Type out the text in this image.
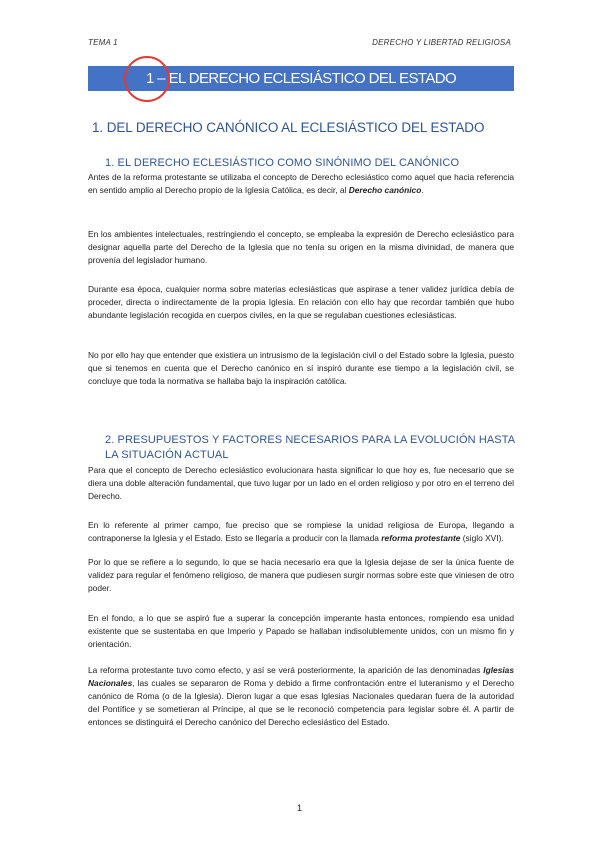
TEMA 1	DERECHO Y LIBERTAD RELIGIOSA
1 – EL DERECHO ECLESIÁSTICO DEL ESTADO
1. DEL DERECHO CANÓNICO AL ECLESIÁSTICO DEL ESTADO
1. EL DERECHO ECLESIÁSTICO COMO SINÓNIMO DEL CANÓNICO
Antes de la reforma protestante se utilizaba el concepto de Derecho eclesiástico como aquel que hacia referencia en sentido amplio al Derecho propio de la Iglesia Católica, es decir, al Derecho canónico.
En los ambientes intelectuales, restringiendo el concepto, se empleaba la expresión de Derecho eclesiástico para designar aquella parte del Derecho de la Iglesia que no tenía su origen en la misma divinidad, de manera que provenía del legislador humano.
Durante esa época, cualquier norma sobre materias eclesiásticas que aspirase a tener validez jurídica debía de proceder, directa o indirectamente de la propia Iglesia. En relación con ello hay que recordar también que hubo abundante legislación recogida en cuerpos civiles, en la que se regulaban cuestiones eclesiásticas.
No por ello hay que entender que existiera un intrusismo de la legislación civil o del Estado sobre la Iglesia, puesto que si tenemos en cuenta que el Derecho canónico en sí inspiró durante ese tiempo a la legislación civil, se concluye que toda la normativa se hallaba bajo la inspiración católica.
2. PRESUPUESTOS Y FACTORES NECESARIOS PARA LA EVOLUCIÓN HASTA LA SITUACIÓN ACTUAL
Para que el concepto de Derecho eclesiástico evolucionara hasta significar lo que hoy es, fue necesario que se diera una doble alteración fundamental, que tuvo lugar por un lado en el orden religioso y por otro en el terreno del Derecho.
En lo referente al primer campo, fue preciso que se rompiese la unidad religiosa de Europa, llegando a contraponerse la Iglesia y el Estado. Esto se llegaría a producir con la llamada reforma protestante (siglo XVI).
Por lo que se refiere a lo segundo, lo que se hacia necesario era que la Iglesia dejase de ser la única fuente de validez para regular el fenómeno religioso, de manera que pudiesen surgir normas sobre este que viniesen de otro poder.
En el fondo, a lo que se aspiró fue a superar la concepción imperante hasta entonces, rompiendo esa unidad existente que se sustentaba en que Imperio y Papado se hallaban indisolublemente unidos, con un mismo fin y orientación.
La reforma protestante tuvo como efecto, y así se verá posteriormente, la aparición de las denominadas Iglesias Nacionales, las cuales se separaron de Roma y debido a firme confrontación entre el luteranismo y el Derecho canónico de Roma (o de la Iglesia). Dieron lugar a que esas Iglesias Nacionales quedaran fuera de la autoridad del Pontífice y se sometieran al Príncipe, al que se le reconoció competencia para legislar sobre él. A partir de entonces se distinguirá el Derecho canónico del Derecho eclesiástico del Estado.
1
